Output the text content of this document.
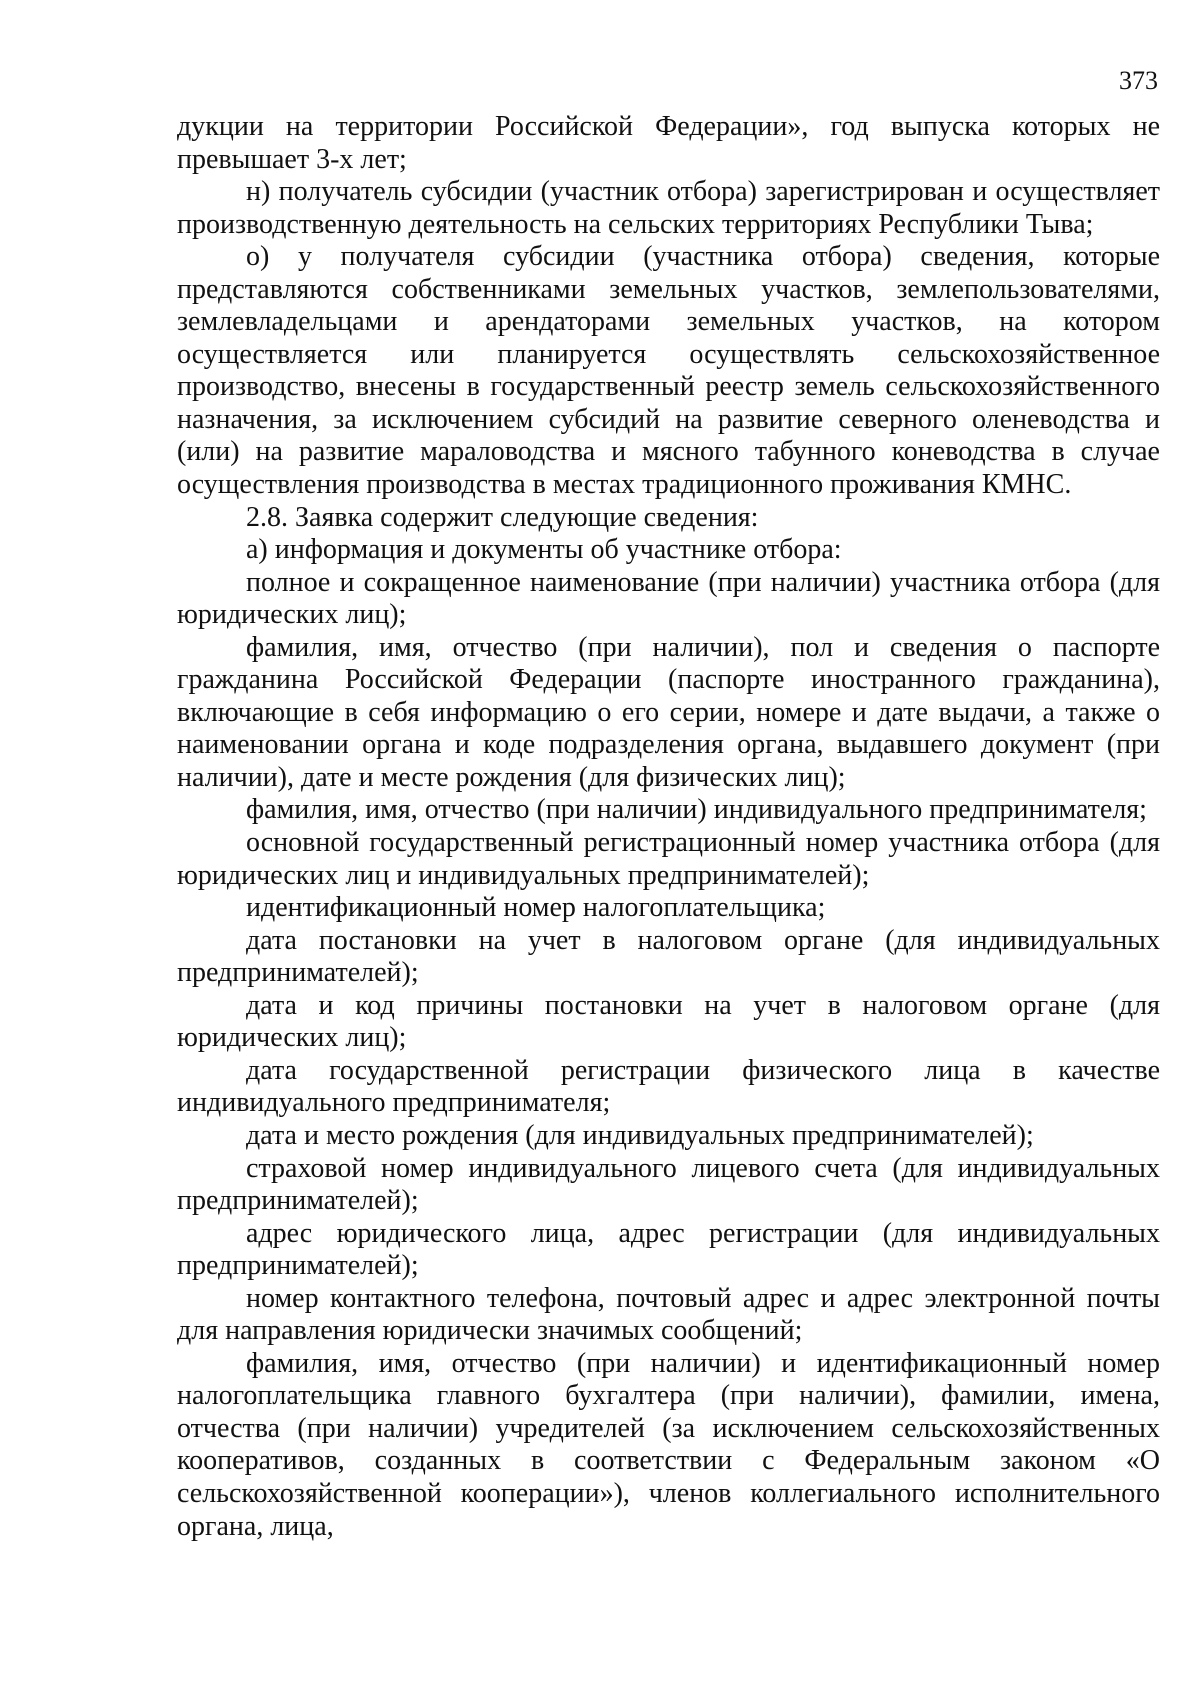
373

дукции на территории Российской Федерации», год выпуска которых не превышает 3-х лет;

н) получатель субсидии (участник отбора) зарегистрирован и осуществляет производственную деятельность на сельских территориях Республики Тыва;

о) у получателя субсидии (участника отбора) сведения, которые представляются собственниками земельных участков, землепользователями, землевладельцами и арендаторами земельных участков, на котором осуществляется или планируется осуществлять сельскохозяйственное производство, внесены в государственный реестр земель сельскохозяйственного назначения, за исключением субсидий на развитие северного оленеводства и (или) на развитие мараловодства и мясного табунного коневодства в случае осуществления производства в местах традиционного проживания КМНС.

2.8. Заявка содержит следующие сведения:

а) информация и документы об участнике отбора:

полное и сокращенное наименование (при наличии) участника отбора (для юридических лиц);

фамилия, имя, отчество (при наличии), пол и сведения о паспорте гражданина Российской Федерации (паспорте иностранного гражданина), включающие в себя информацию о его серии, номере и дате выдачи, а также о наименовании органа и коде подразделения органа, выдавшего документ (при наличии), дате и месте рождения (для физических лиц);

фамилия, имя, отчество (при наличии) индивидуального предпринимателя;

основной государственный регистрационный номер участника отбора (для юридических лиц и индивидуальных предпринимателей);

идентификационный номер налогоплательщика;

дата постановки на учет в налоговом органе (для индивидуальных предпринимателей);

дата и код причины постановки на учет в налоговом органе (для юридических лиц);

дата государственной регистрации физического лица в качестве индивидуального предпринимателя;

дата и место рождения (для индивидуальных предпринимателей);

страховой номер индивидуального лицевого счета (для индивидуальных предпринимателей);

адрес юридического лица, адрес регистрации (для индивидуальных предпринимателей);

номер контактного телефона, почтовый адрес и адрес электронной почты для направления юридически значимых сообщений;

фамилия, имя, отчество (при наличии) и идентификационный номер налогоплательщика главного бухгалтера (при наличии), фамилии, имена, отчества (при наличии) учредителей (за исключением сельскохозяйственных кооперативов, созданных в соответствии с Федеральным законом «О сельскохозяйственной кооперации»), членов коллегиального исполнительного органа, лица,
